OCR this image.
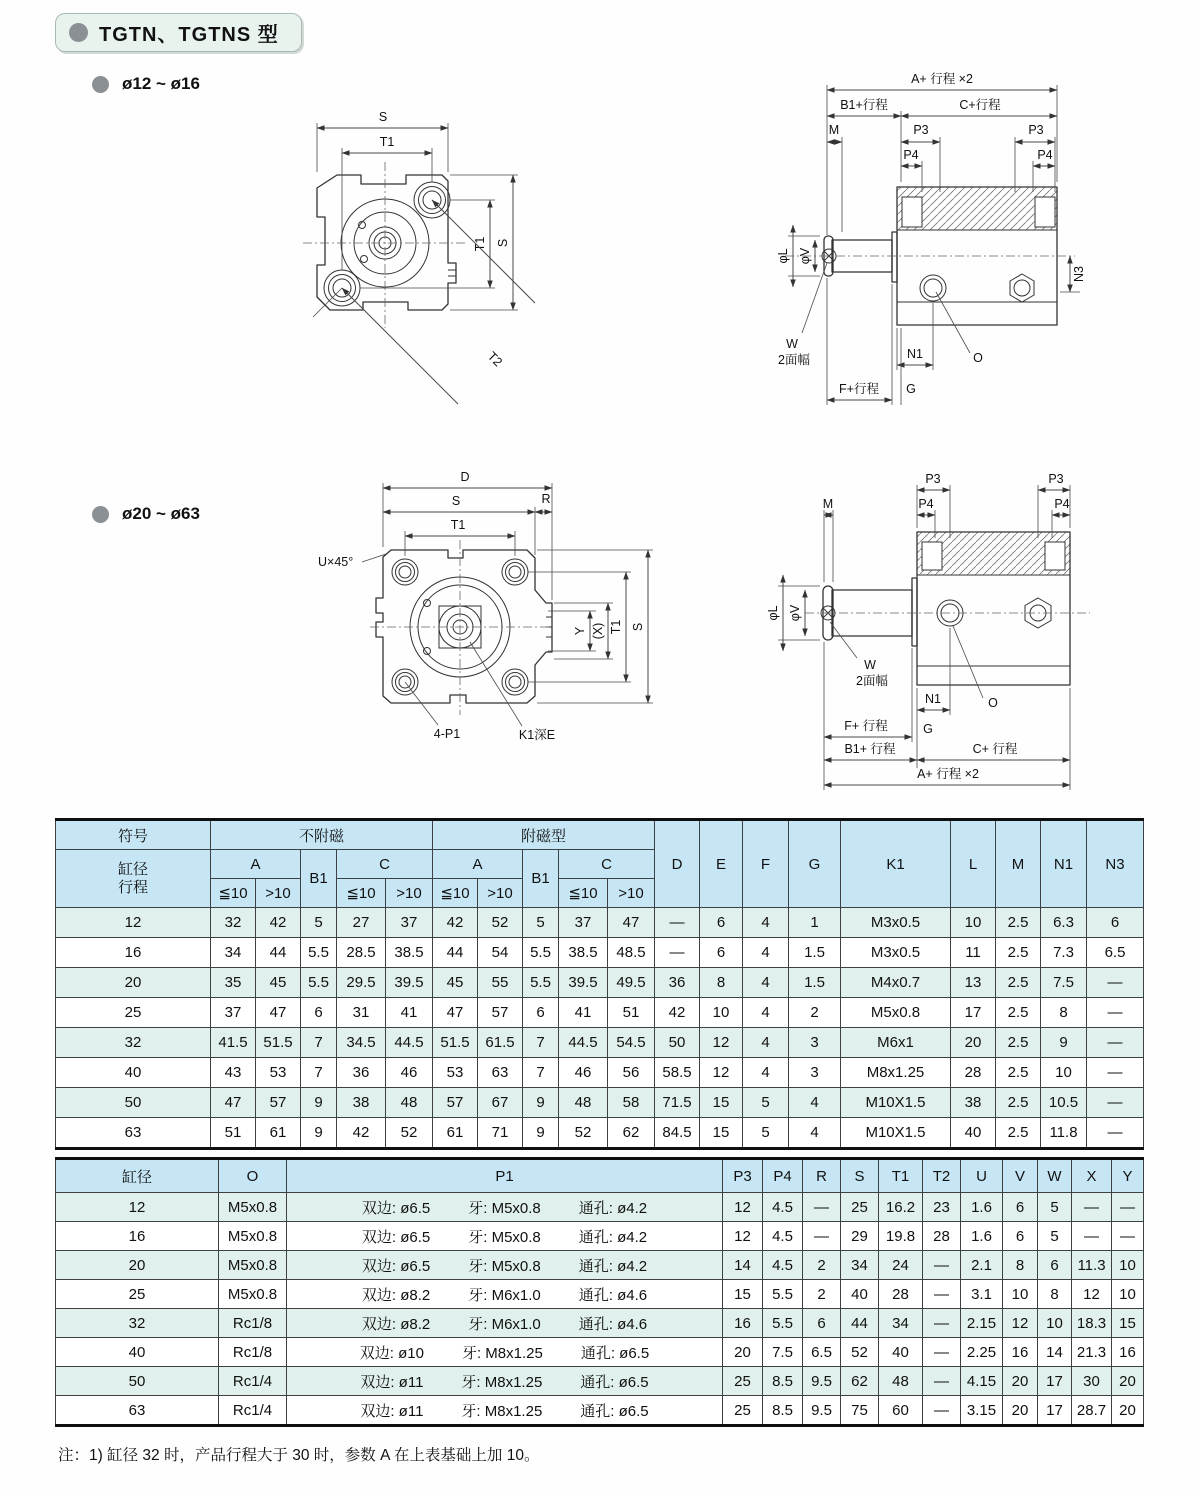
TGTN、TGTNS 型
ø12 ~ ø16
ø20 ~ ø63
S
T1
T1 S
T2
A+ 行程 ×2
B1+行程	C+行程
M	P3	P3
P4	P4
φL φV
N3
W
2面幅	N1	O
F+行程 G
D
S	R
T1
U×45°
Y (X) T1 S
4-P1	K1深E
P3	P3
P4	P4
M
φL φV
W
2面幅
N1	O
F+ 行程	G
B1+ 行程	C+ 行程
A+ 行程 ×2
符号	不附磁					附磁型					D	E	F	G	K1	L	M	N1	N3

缸径
行程	A		B1	C		A		B1	C										
	≦10	>10		≦10	>10	≦10	>10		≦10	>10									
12	32	42	5	27	37	42	52	5	37	47	—	6	4	1	M3x0.5	10	2.5	6.3	6
16	34	44	5.5	28.5	38.5	44	54	5.5	38.5	48.5	—	6	4	1.5	M3x0.5	11	2.5	7.3	6.5
20	35	45	5.5	29.5	39.5	45	55	5.5	39.5	49.5	36	8	4	1.5	M4x0.7	13	2.5	7.5	—
25	37	47	6	31	41	47	57	6	41	51	42	10	4	2	M5x0.8	17	2.5	8	—
32	41.5	51.5	7	34.5	44.5	51.5	61.5	7	44.5	54.5	50	12	4	3	M6x1	20	2.5	9	—
40	43	53	7	36	46	53	63	7	46	56	58.5	12	4	3	M8x1.25	28	2.5	10	—
50	47	57	9	38	48	57	67	9	48	58	71.5	15	5	4	M10X1.5	38	2.5	10.5	—
63	51	61	9	42	52	61	71	9	52	62	84.5	15	5	4	M10X1.5	40	2.5	11.8	—
缸径	O	P1	P3	P4	R	S	T1	T2	U	V	W	X	Y
12	M5x0.8	双边: ø6.5 牙: M5x0.8 通孔: ø4.2	12	4.5	—	25	16.2	23	1.6	6	5	—	—
16	M5x0.8	双边: ø6.5 牙: M5x0.8 通孔: ø4.2	12	4.5	—	29	19.8	28	1.6	6	5	—	—
20	M5x0.8	双边: ø6.5 牙: M5x0.8 通孔: ø4.2	14	4.5	2	34	24	—	2.1	8	6	11.3	10
25	M5x0.8	双边: ø8.2 牙: M6x1.0 通孔: ø4.6	15	5.5	2	40	28	—	3.1	10	8	12	10
32	Rc1/8	双边: ø8.2 牙: M6x1.0 通孔: ø4.6	16	5.5	6	44	34	—	2.15	12	10	18.3	15
40	Rc1/8	双边: ø10 牙: M8x1.25 通孔: ø6.5	20	7.5	6.5	52	40	—	2.25	16	14	21.3	16
50	Rc1/4	双边: ø11 牙: M8x1.25 通孔: ø6.5	25	8.5	9.5	62	48	—	4.15	20	17	30	20
63	Rc1/4	双边: ø11 牙: M8x1.25 通孔: ø6.5	25	8.5	9.5	75	60	—	3.15	20	17	28.7	20
注：1) 缸径 32 时，产品行程大于 30 时，参数 A 在上表基础上加 10。
